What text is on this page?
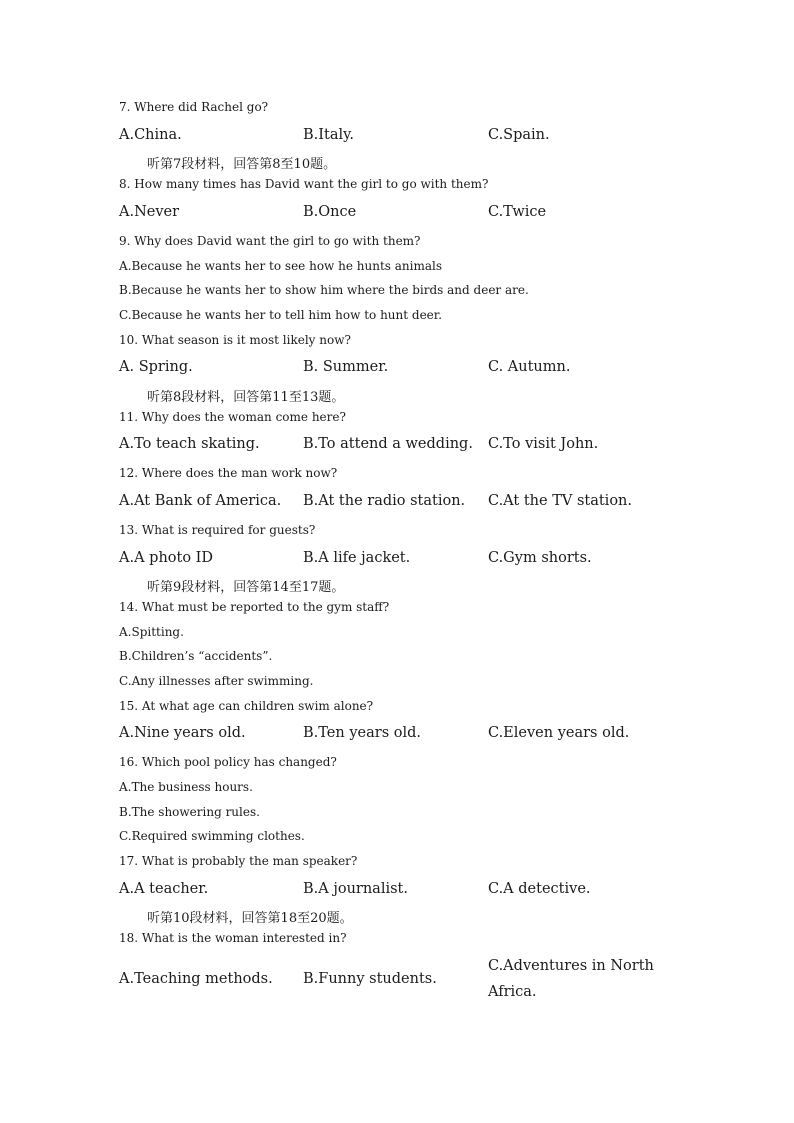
7. Where did Rachel go?
A.China.	B.Italy.	C.Spain.
听第7段材料，回答第8至10题。
8. How many times has David want the girl to go with them?
A.Never	B.Once	C.Twice
9. Why does David want the girl to go with them?
A.Because he wants her to see how he hunts animals
B.Because he wants her to show him where the birds and deer are.
C.Because he wants her to tell him how to hunt deer.
10. What season is it most likely now?
A. Spring.	B. Summer.	C. Autumn.
听第8段材料，回答第11至13题。
11. Why does the woman come here?
A.To teach skating.	B.To attend a wedding. C.To visit John.
12. Where does the man work now?
A.At Bank of America. B.At the radio station. C.At the TV station.
13. What is required for guests?
A.A photo ID	B.A life jacket.	C.Gym shorts.
听第9段材料，回答第14至17题。
14. What must be reported to the gym staff?
A.Spitting.
B.Children’s “accidents”.
C.Any illnesses after swimming.
15. At what age can children swim alone?
A.Nine years old.	B.Ten years old.	C.Eleven years old.
16. Which pool policy has changed?
A.The business hours.
B.The showering rules.
C.Required swimming clothes.
17. What is probably the man speaker?
A.A teacher.	B.A journalist.	C.A detective.
听第10段材料，回答第18至20题。
18. What is the woman interested in?
A.Teaching methods. B.Funny students.
C.Adventures in North
Africa.
